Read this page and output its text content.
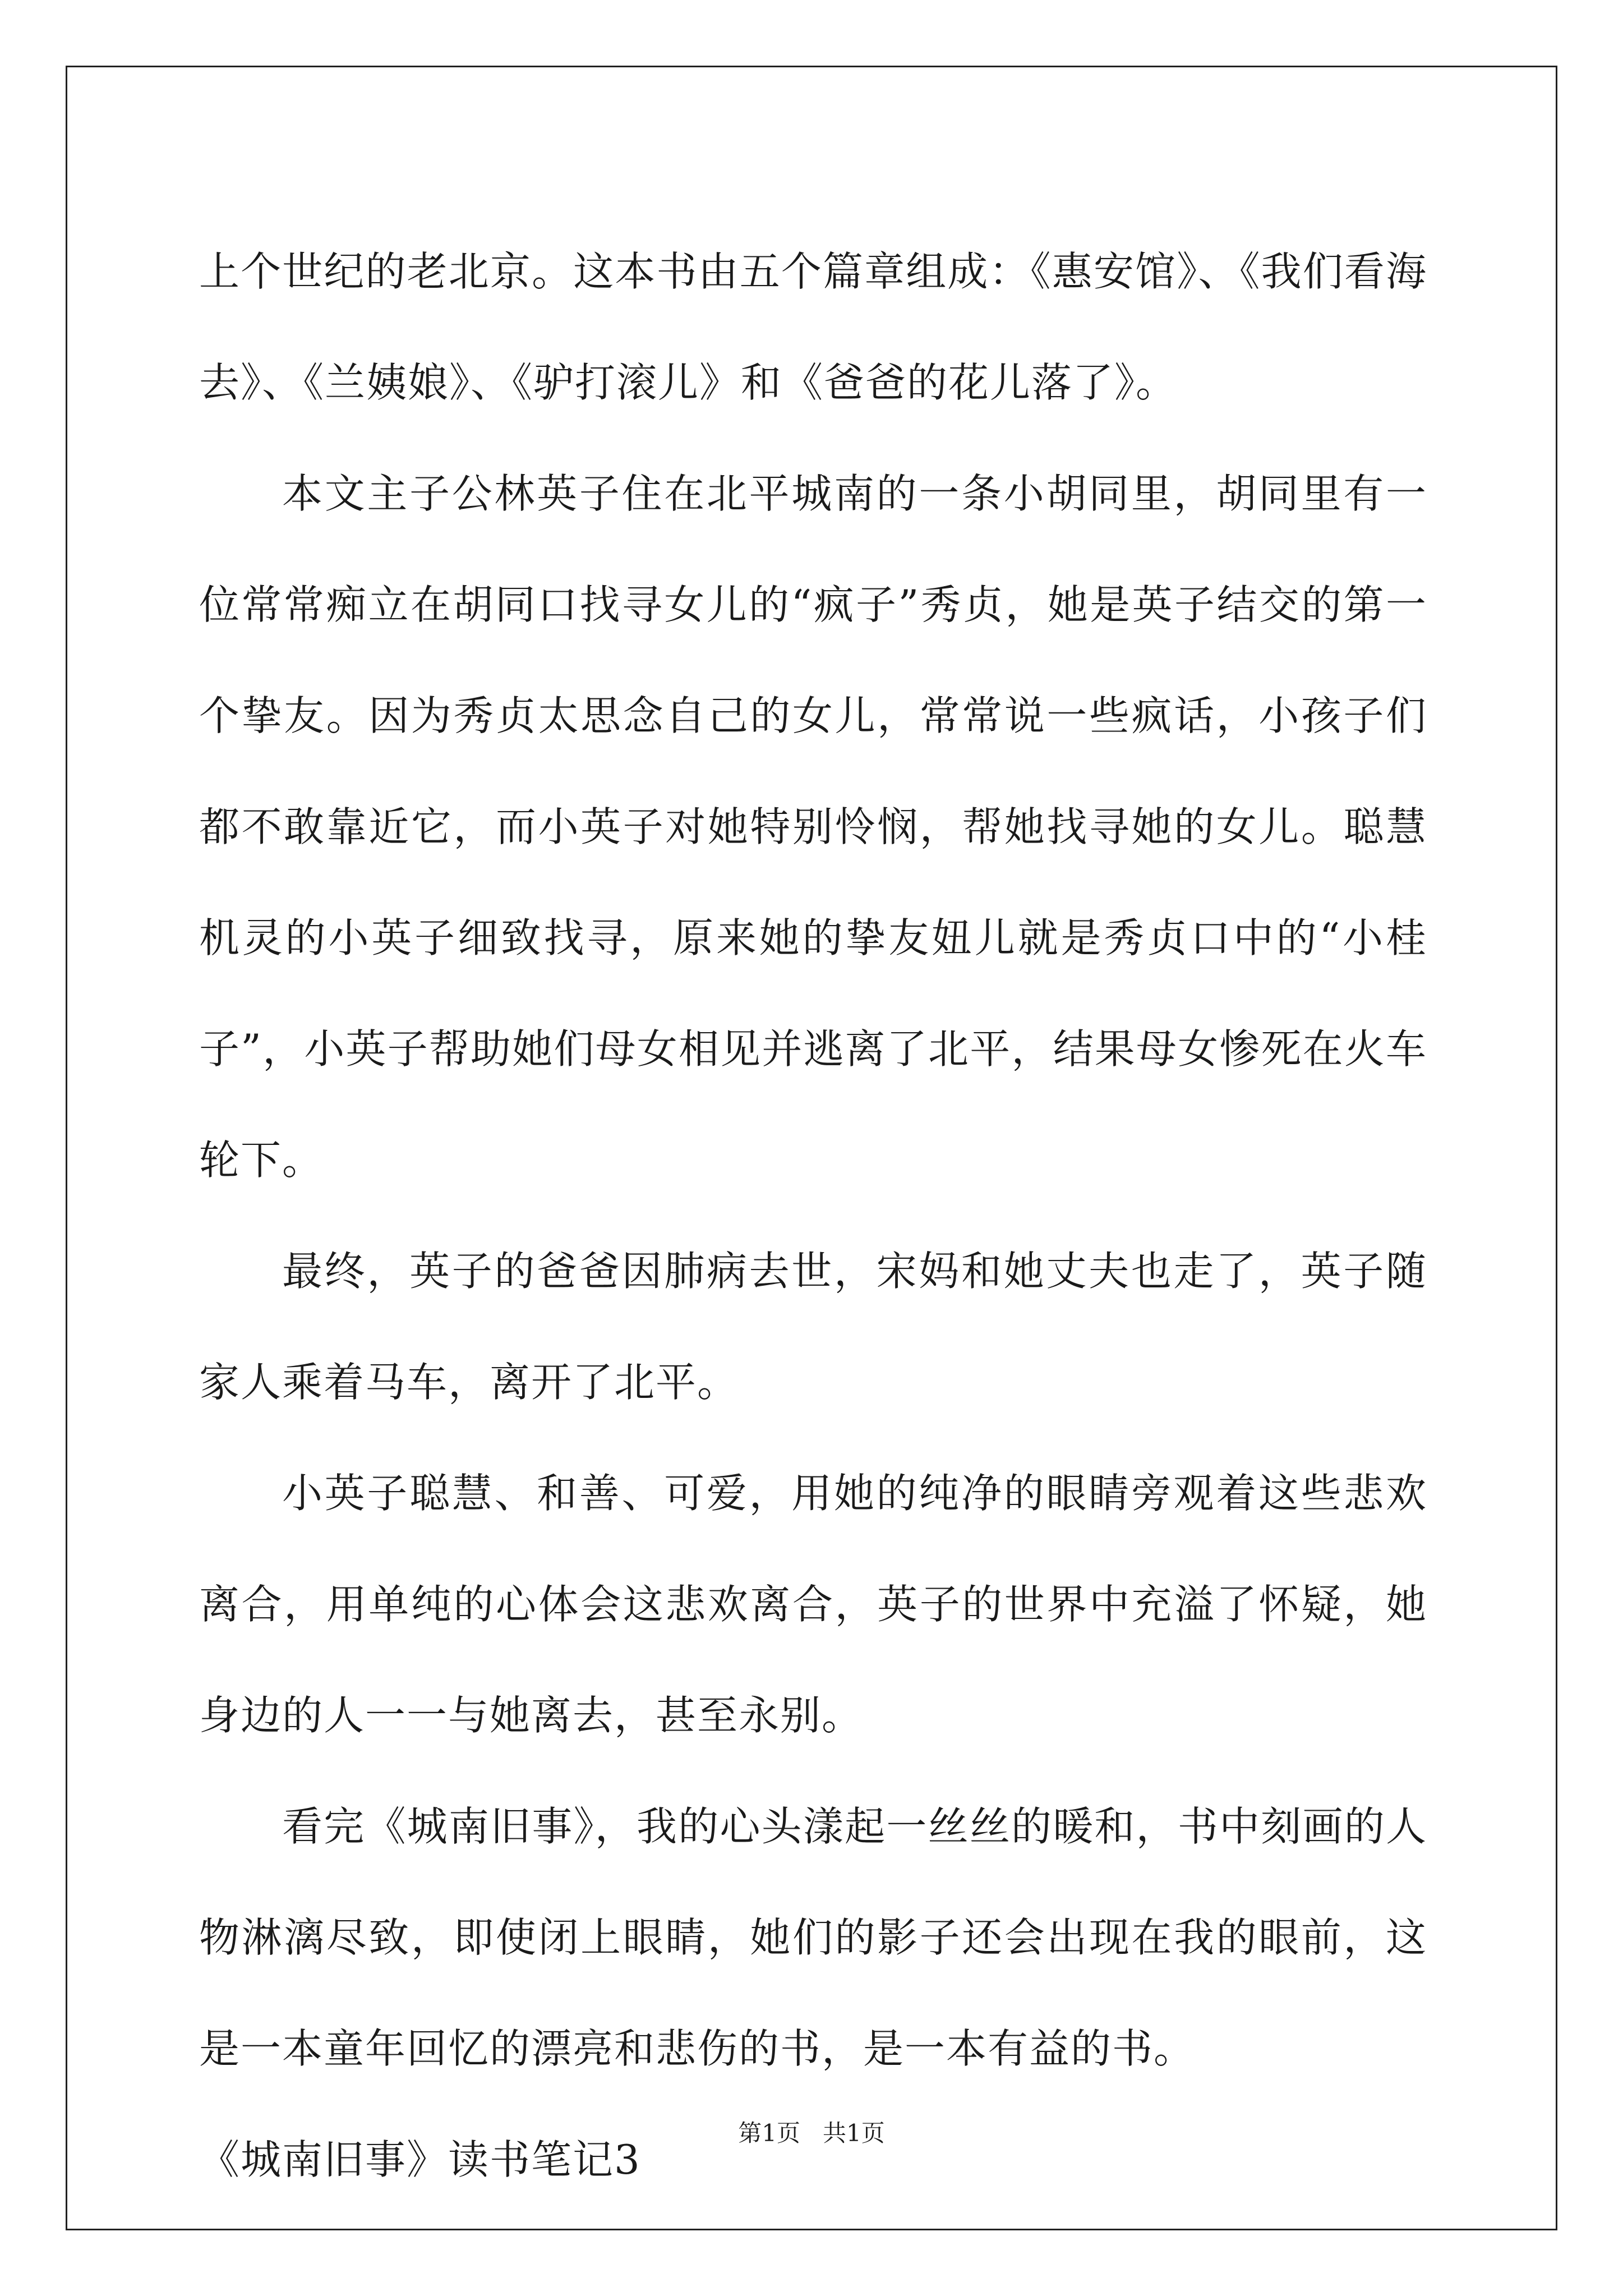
上个世纪的老北京。这本书由五个篇章组成：《惠安馆》、《我们看海去》、《兰姨娘》、《驴打滚儿》和《爸爸的花儿落了》。

本文主子公林英子住在北平城南的一条小胡同里，胡同里有一位常常痴立在胡同口找寻女儿的“疯子”秀贞，她是英子结交的第一个挚友。因为秀贞太思念自己的女儿，常常说一些疯话，小孩子们都不敢靠近它，而小英子对她特别怜悯，帮她找寻她的女儿。聪慧机灵的小英子细致找寻，原来她的挚友妞儿就是秀贞口中的“小桂子”，小英子帮助她们母女相见并逃离了北平，结果母女惨死在火车轮下。

最终，英子的爸爸因肺病去世，宋妈和她丈夫也走了，英子随家人乘着马车，离开了北平。

小英子聪慧、和善、可爱，用她的纯净的眼睛旁观着这些悲欢离合，用单纯的心体会这悲欢离合，英子的世界中充溢了怀疑，她身边的人一一与她离去，甚至永别。

看完《城南旧事》，我的心头漾起一丝丝的暖和，书中刻画的人物淋漓尽致，即使闭上眼睛，她们的影子还会出现在我的眼前，这是一本童年回忆的漂亮和悲伤的书，是一本有益的书。

《城南旧事》读书笔记3

第1页 共1页
